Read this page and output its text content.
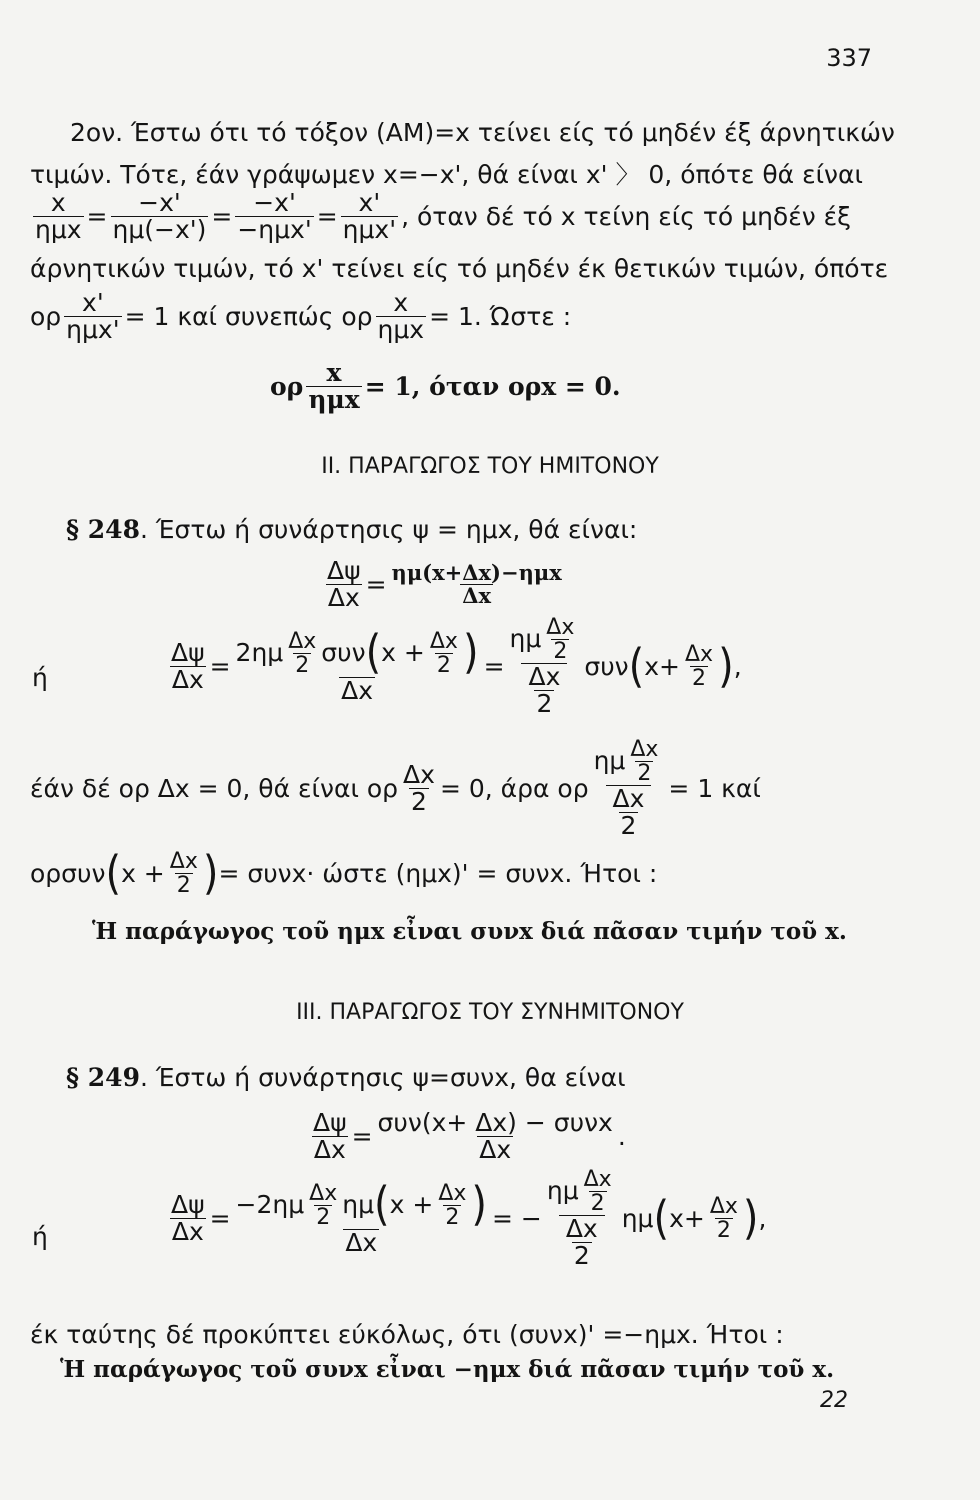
337
2ον. Έστω ότι τό τόξον (AM)=x τείνει είς τό μηδέν έξ άρνητικών
τιμών. Τότε, έάν γράψωμεν x=−x', θά είναι x' 〉 0, όπότε θά είναι
$\frac{x}{\text{ημx}} = \frac{-x'}{\eta\mu(-x')} = \frac{-x'}{\text{−ημx'}} = \frac{x'}{\text{ημx'}}$ , όταν δέ τό x τείνη είς τό μηδέν έξ
άρνητικών τιμών, τό x' τείνει είς τό μηδέν έκ θετικών τιμών, όπότε
ορ $\frac{x'}{\text{ημx'}} = 1$ καί συνεπώς ορ $\frac{x}{\text{ημx}} = 1$. Ώστε :
ορ $\frac{x}{\text{ημx}} = 1$, όταν ορx = 0.
II. ΠΑΡΑΓΩΓΟΣ ΤΟΥ ΗΜΙΤΟΝΟΥ
§ 248 . Έστω ή συνάρτησις ψ = ημx, θά είναι:
$\frac{\Delta\psi}{\Delta x} = \frac{\text{ημ(x+Δx)−ημx}}{\Delta x}$
ή	$\frac{\Delta\psi}{\Delta x} = \frac{2\eta\mu \frac{\Delta x}{2} \sigma\upsilon\nu ( x + \frac{\Delta x}{2} )}{\Delta x} = \frac{\eta\mu \frac{\Delta x}{2}}{\frac{\Delta x}{2}}$ συν ( $x+ \frac{\Delta x}{2}$ ) ,
έάν δέ ορ Δx = 0, θά είναι ορ $\frac{\Delta x}{2} = 0$, άρα ορ $\frac{\eta\mu \frac{\Delta x}{2}}{\frac{\Delta x}{2}} = 1$ καί
ορσυν ( $x + \frac{\Delta x}{2}$ ) = συνx· ώστε (ημx)' = συνx. Ήτοι :
Ἡ παράγωγος τοῦ ημx εἶναι συνx διά πᾶσαν τιμήν τοῦ x.
III. ΠΑΡΑΓΩΓΟΣ ΤΟΥ ΣΥΝΗΜΙΤΟΝΟΥ
§ 249 . Έστω ή συνάρτησις ψ=συνx, θα είναι
$\frac{\Delta\psi}{\Delta x} = \frac{\text{συν(x+ Δx) − συνx}}{\Delta x}$ .
ή	$\frac{\Delta\psi}{\Delta x} = \frac{-2\eta\mu \frac{\Delta x}{2} \eta\mu ( x + \frac{\Delta x}{2} )}{\Delta x}$ = − $\frac{\eta\mu \frac{\Delta x}{2}}{\frac{\Delta x}{2}}$ ημ ( $x+ \frac{\Delta x}{2}$ ) ,
έκ ταύτης δέ προκύπτει εύκόλως, ότι (συνx)' =−ημx. Ήτοι :
Ἡ παράγωγος τοῦ συνx εἶναι −ημx διά πᾶσαν τιμήν τοῦ x.
22
